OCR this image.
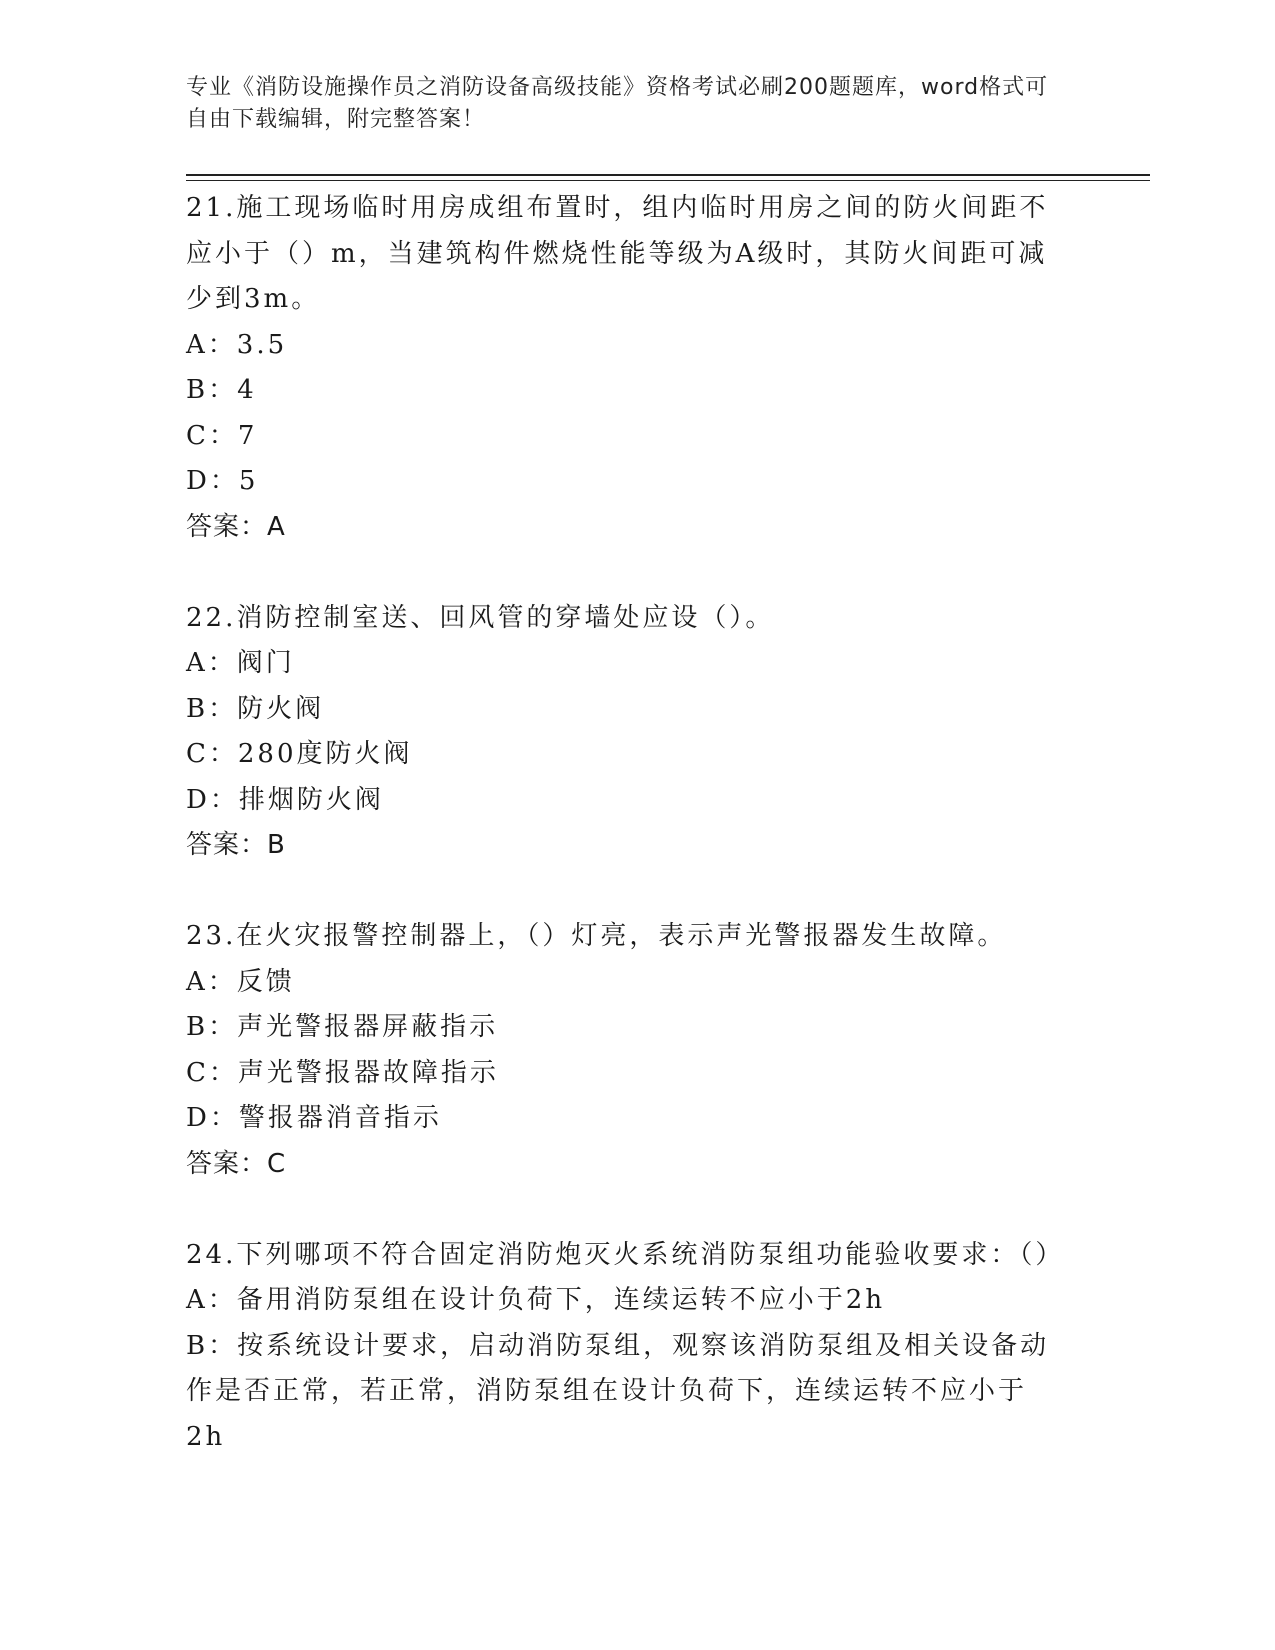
专业《消防设施操作员之消防设备高级技能》资格考试必刷200题题库，word格式可自由下载编辑，附完整答案！

21.施工现场临时用房成组布置时，组内临时用房之间的防火间距不应小于（）m，当建筑构件燃烧性能等级为A级时，其防火间距可减少到3m。

A：3.5

B：4

C：7

D：5

答案：A

22.消防控制室送、回风管的穿墙处应设（）。

A：阀门

B：防火阀

C：280度防火阀

D：排烟防火阀

答案：B

23.在火灾报警控制器上，（）灯亮，表示声光警报器发生故障。

A：反馈

B：声光警报器屏蔽指示

C：声光警报器故障指示

D：警报器消音指示

答案：C

24.下列哪项不符合固定消防炮灭火系统消防泵组功能验收要求：（）

A：备用消防泵组在设计负荷下，连续运转不应小于2h

B：按系统设计要求，启动消防泵组，观察该消防泵组及相关设备动作是否正常，若正常，消防泵组在设计负荷下，连续运转不应小于2h
